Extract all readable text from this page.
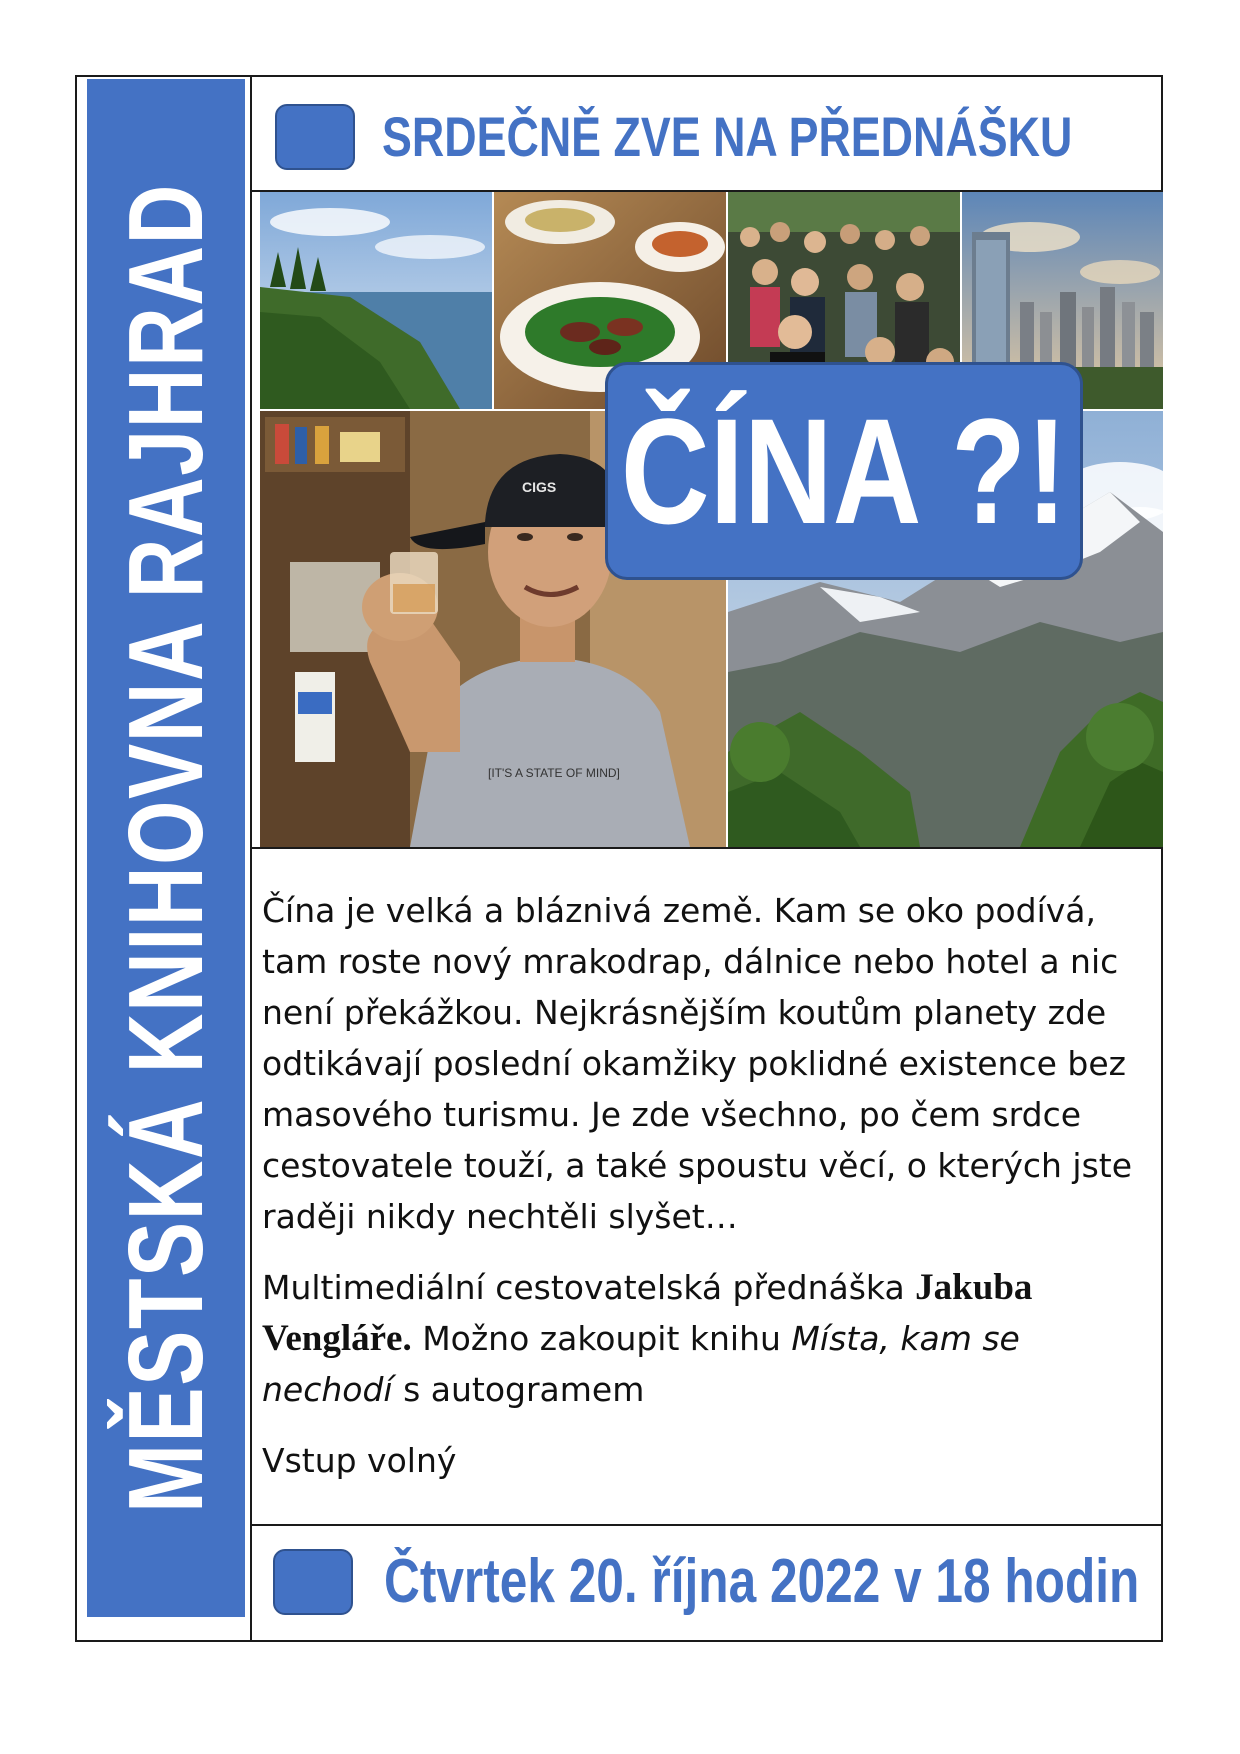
MĚSTSKÁ KNIHOVNA RAJHRAD
SRDEČNĚ ZVE NA PŘEDNÁŠKU
CIGS
[IT'S A STATE OF MIND]
ČÍNA ?!

Čína je velká a bláznivá země. Kam se oko podívá, tam roste nový mrakodrap, dálnice nebo hotel a nic není překážkou. Nejkrásnějším koutům planety zde odtikávají poslední okamžiky poklidné existence bez masového turismu. Je zde všechno, po čem srdce cestovatele touží, a také spoustu věcí, o kterých jste raději nikdy nechtěli slyšet…

Multimediální cestovatelská přednáška Jakuba Vengláře. Možno zakoupit knihu Místa, kam se nechodí s autogramem

Vstup volný

Čtvrtek 20. října 2022 v 18 hodin
